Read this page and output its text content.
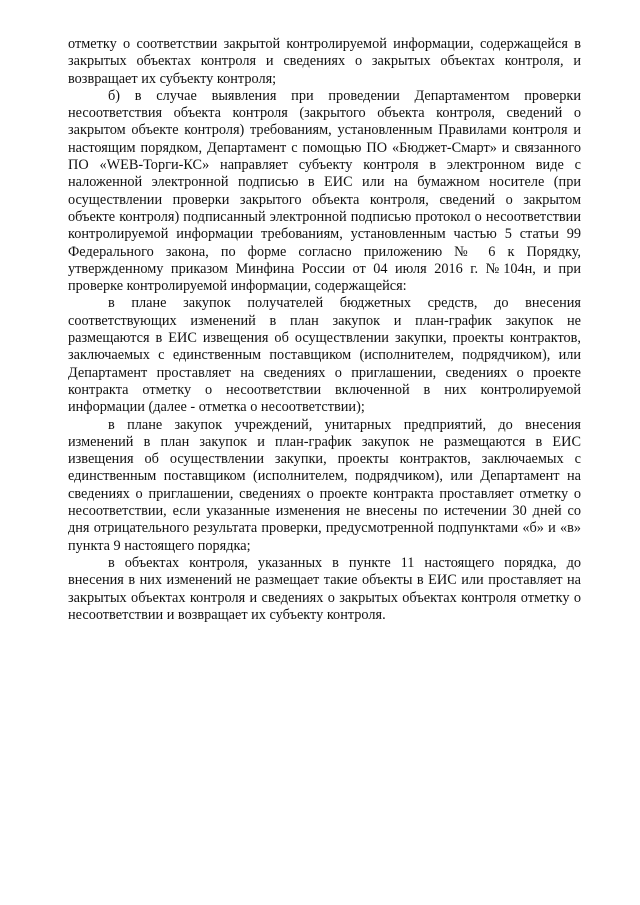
отметку о соответствии закрытой контролируемой информации, содержащейся в закрытых объектах контроля и сведениях о закрытых объектах контроля, и возвращает их субъекту контроля;

б) в случае выявления при проведении Департаментом проверки несоответствия объекта контроля (закрытого объекта контроля, сведений о закрытом объекте контроля) требованиям, установленным Правилами контроля и настоящим порядком, Департамент с помощью ПО «Бюджет-Смарт» и связанного ПО «WEB-Торги-КС» направляет субъекту контроля в электронном виде с наложенной электронной подписью в ЕИС или на бумажном носителе (при осуществлении проверки закрытого объекта контроля, сведений о закрытом объекте контроля) подписанный электронной подписью протокол о несоответствии контролируемой информации требованиям, установленным частью 5 статьи 99 Федерального закона, по форме согласно приложению № 6 к Порядку, утвержденному приказом Минфина России от 04 июля 2016 г. №104н, и при проверке контролируемой информации, содержащейся:

в плане закупок получателей бюджетных средств, до внесения соответствующих изменений в план закупок и план-график закупок не размещаются в ЕИС извещения об осуществлении закупки, проекты контрактов, заключаемых с единственным поставщиком (исполнителем, подрядчиком), или Департамент проставляет на сведениях о приглашении, сведениях о проекте контракта отметку о несоответствии включенной в них контролируемой информации (далее - отметка о несоответствии);

в плане закупок учреждений, унитарных предприятий, до внесения изменений в план закупок и план-график закупок не размещаются в ЕИС извещения об осуществлении закупки, проекты контрактов, заключаемых с единственным поставщиком (исполнителем, подрядчиком), или Департамент на сведениях о приглашении, сведениях о проекте контракта проставляет отметку о несоответствии, если указанные изменения не внесены по истечении 30 дней со дня отрицательного результата проверки, предусмотренной подпунктами «б» и «в» пункта 9 настоящего порядка;

в объектах контроля, указанных в пункте 11 настоящего порядка, до внесения в них изменений не размещает такие объекты в ЕИС или проставляет на закрытых объектах контроля и сведениях о закрытых объектах контроля отметку о несоответствии и возвращает их субъекту контроля.
